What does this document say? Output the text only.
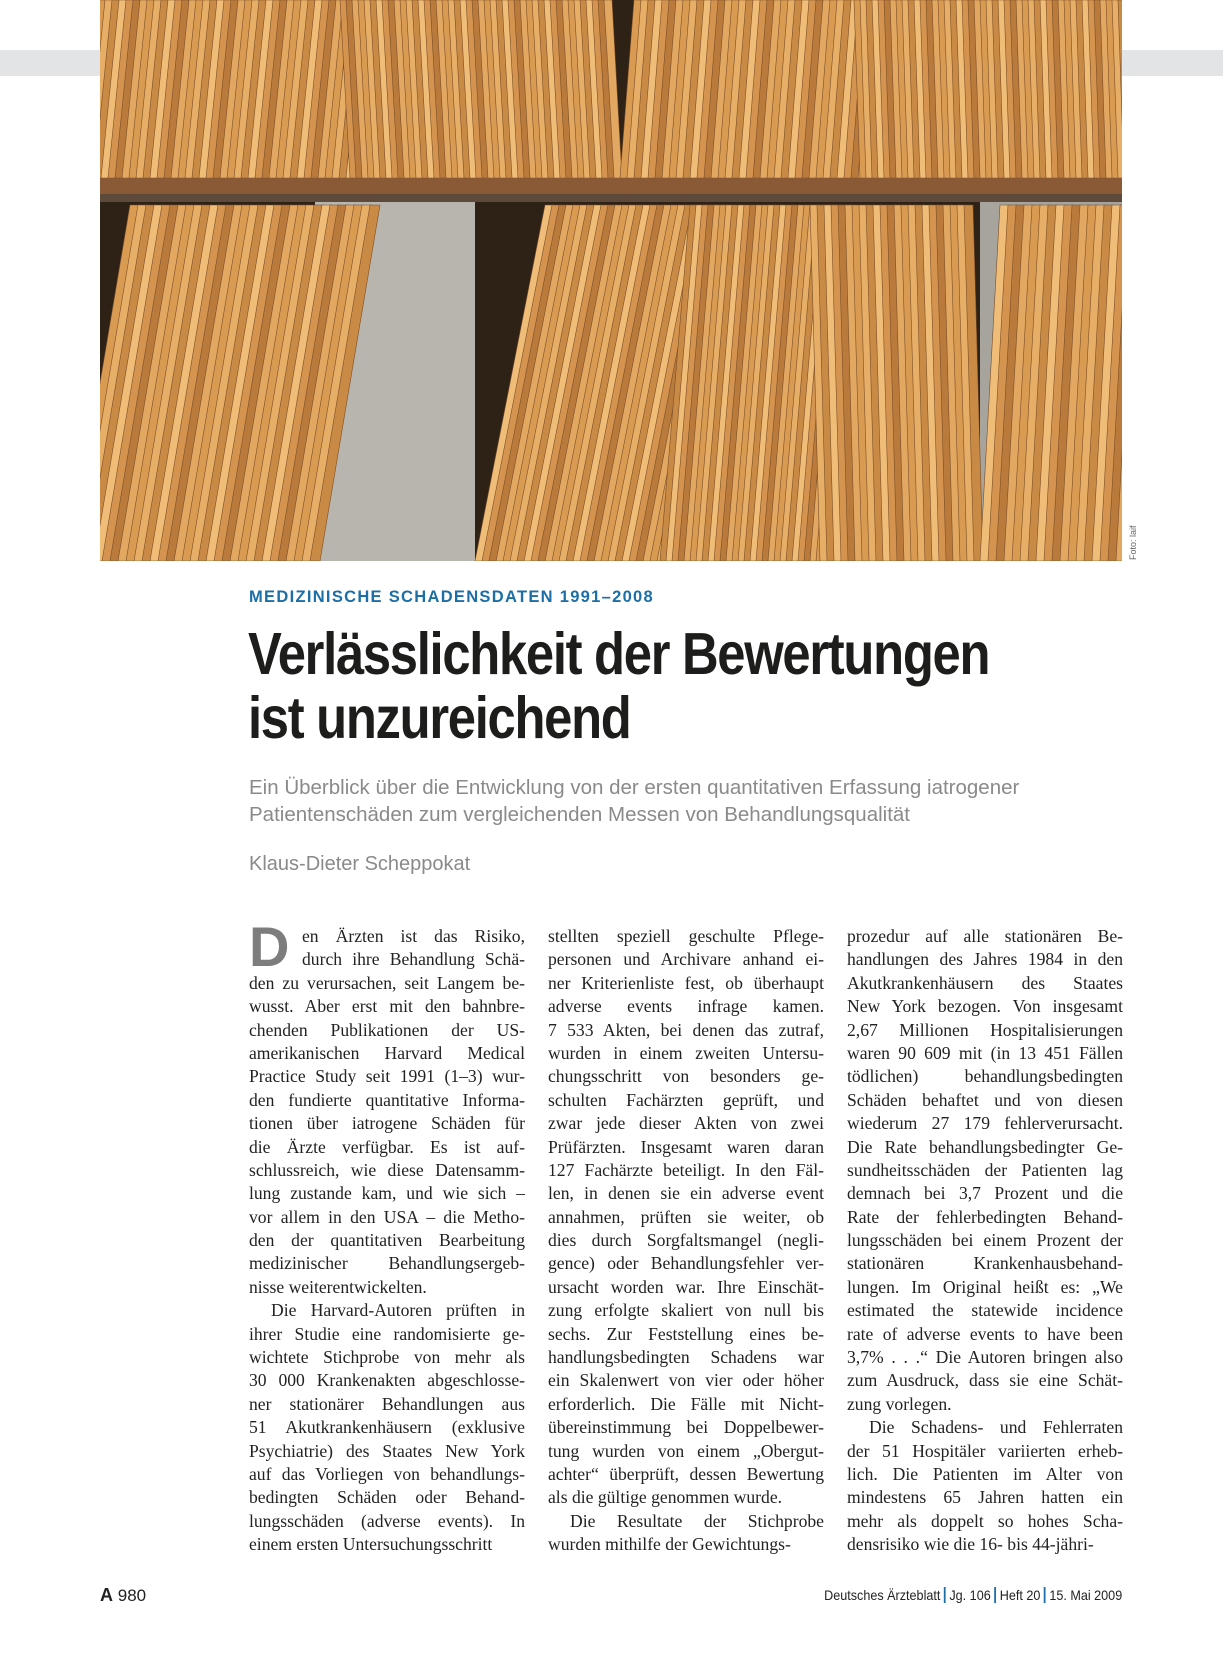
Foto: laif
MEDIZINISCHE SCHADENSDATEN 1991–2008
Verlässlichkeit der Bewertungen
ist unzureichend

Ein Überblick über die Entwicklung von der ersten quantitativen Erfassung iatrogener
Patientenschäden zum vergleichenden Messen von Behandlungsqualität

Klaus-Dieter Scheppokat
D en Ärzten ist das Risiko,
durch ihre Behandlung Schä-
den zu verursachen, seit Langem be-
wusst. Aber erst mit den bahnbre-
chenden Publikationen der US-
amerikanischen Harvard Medical
Practice Study seit 1991 (1–3) wur-
den fundierte quantitative Informa-
tionen über iatrogene Schäden für
die Ärzte verfügbar. Es ist auf-
schlussreich, wie diese Datensamm-
lung zustande kam, und wie sich –
vor allem in den USA – die Metho-
den der quantitativen Bearbeitung
medizinischer Behandlungsergeb-
nisse weiterentwickelten.
Die Harvard-Autoren prüften in
ihrer Studie eine randomisierte ge-
wichtete Stichprobe von mehr als
30 000 Krankenakten abgeschlosse-
ner stationärer Behandlungen aus
51 Akutkrankenhäusern (exklusive
Psychiatrie) des Staates New York
auf das Vorliegen von behandlungs-
bedingten Schäden oder Behand-
lungsschäden (adverse events). In
einem ersten Untersuchungsschritt
stellten speziell geschulte Pflege-
personen und Archivare anhand ei-
ner Kriterienliste fest, ob überhaupt
adverse events infrage kamen.
7 533 Akten, bei denen das zutraf,
wurden in einem zweiten Untersu-
chungsschritt von besonders ge-
schulten Fachärzten geprüft, und
zwar jede dieser Akten von zwei
Prüfärzten. Insgesamt waren daran
127 Fachärzte beteiligt. In den Fäl-
len, in denen sie ein adverse event
annahmen, prüften sie weiter, ob
dies durch Sorgfaltsmangel (negli-
gence) oder Behandlungsfehler ver-
ursacht worden war. Ihre Einschät-
zung erfolgte skaliert von null bis
sechs. Zur Feststellung eines be-
handlungsbedingten Schadens war
ein Skalenwert von vier oder höher
erforderlich. Die Fälle mit Nicht-
übereinstimmung bei Doppelbewer-
tung wurden von einem „Obergut-
achter“ überprüft, dessen Bewertung
als die gültige genommen wurde.
Die Resultate der Stichprobe
wurden mithilfe der Gewichtungs-
prozedur auf alle stationären Be-
handlungen des Jahres 1984 in den
Akutkrankenhäusern des Staates
New York bezogen. Von insgesamt
2,67 Millionen Hospitalisierungen
waren 90 609 mit (in 13 451 Fällen
tödlichen) behandlungsbedingten
Schäden behaftet und von diesen
wiederum 27 179 fehlerverursacht.
Die Rate behandlungsbedingter Ge-
sundheitsschäden der Patienten lag
demnach bei 3,7 Prozent und die
Rate der fehlerbedingten Behand-
lungsschäden bei einem Prozent der
stationären Krankenhausbehand-
lungen. Im Original heißt es: „We
estimated the statewide incidence
rate of adverse events to have been
3,7% . . .“ Die Autoren bringen also
zum Ausdruck, dass sie eine Schät-
zung vorlegen.
Die Schadens- und Fehlerraten
der 51 Hospitäler variierten erheb-
lich. Die Patienten im Alter von
mindestens 65 Jahren hatten ein
mehr als doppelt so hohes Scha-
densrisiko wie die 16- bis 44-jähri-
A 980	Deutsches Ärzteblatt Jg. 106 Heft 20 15. Mai 2009
